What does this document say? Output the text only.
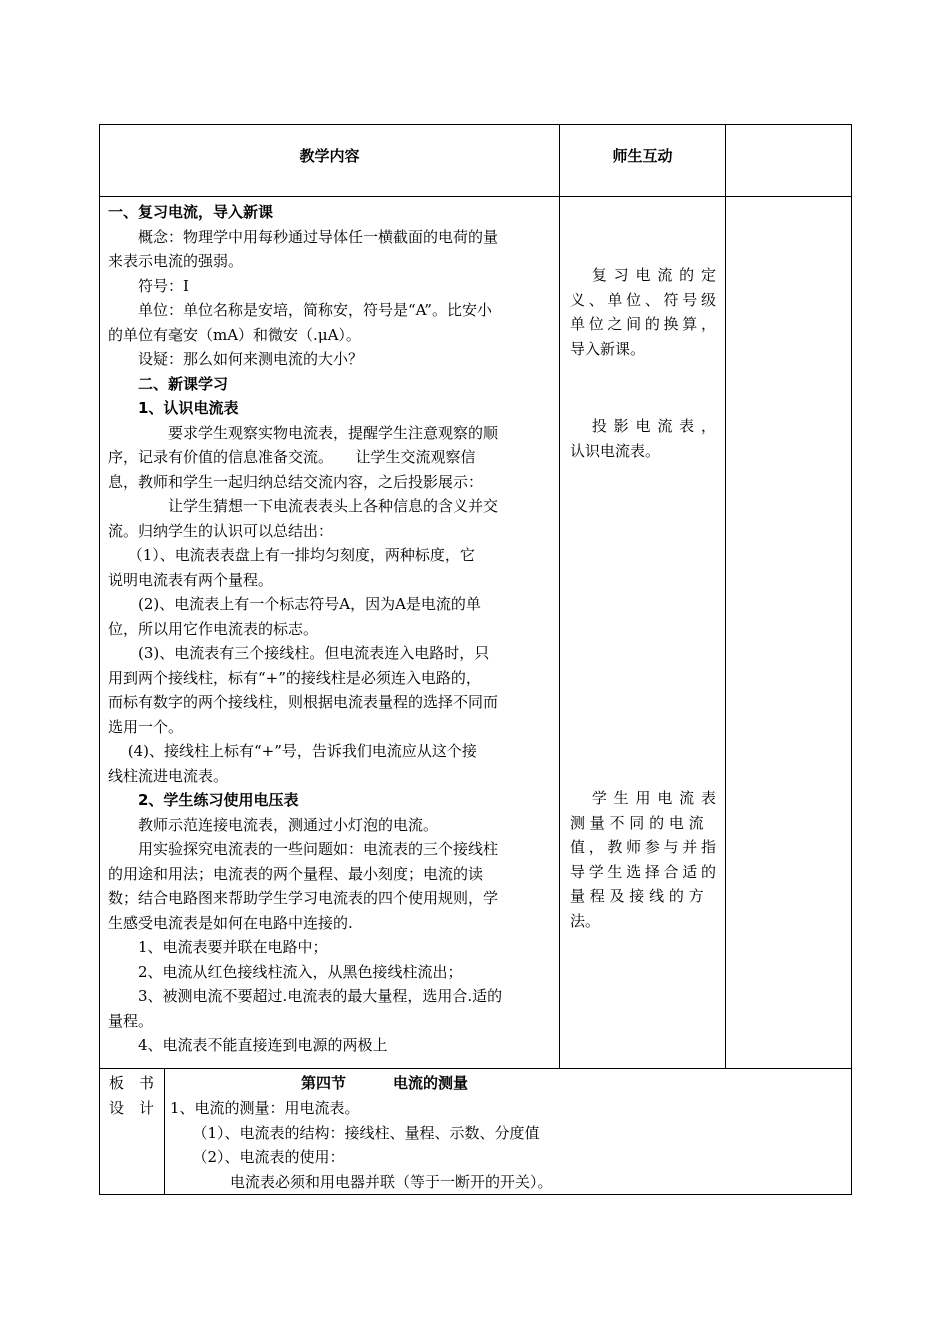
教学内容	师生互动
一、复习电流，导入新课
　　概念：物理学中用每秒通过导体任一横截面的电荷的量
来表示电流的强弱。
　　符号：I
　　单位：单位名称是安培，简称安，符号是“A”。比安小
的单位有毫安（mA）和微安（.μA）。
　　设疑：那么如何来测电流的大小？
　　二、新课学习
　　1、认识电流表
　　　　要求学生观察实物电流表，提醒学生注意观察的顺
序，记录有价值的信息准备交流。　　让学生交流观察信
息，教师和学生一起归纳总结交流内容，之后投影展示：
　　　　让学生猜想一下电流表表头上各种信息的含义并交
流。归纳学生的认识可以总结出：
　 （1）、电流表表盘上有一排均匀刻度，两种标度，它
说明电流表有两个量程。
　　(2)、电流表上有一个标志符号A，因为A是电流的单
位，所以用它作电流表的标志。
　　(3)、电流表有三个接线柱。但电流表连入电路时，只
用到两个接线柱，标有“+”的接线柱是必须连入电路的，
而标有数字的两个接线柱，则根据电流表量程的选择不同而
选用一个。
　 (4)、接线柱上标有“+”号，告诉我们电流应从这个接
线柱流进电流表。
　　2、学生练习使用电压表
　　教师示范连接电流表，测通过小灯泡的电流。
　　用实验探究电流表的一些问题如：电流表的三个接线柱
的用途和用法；电流表的两个量程、最小刻度；电流的读
数；结合电路图来帮助学生学习电流表的四个使用规则，学
生感受电流表是如何在电路中连接的.
　　1、电流表要并联在电路中；
　　2、电流从红色接线柱流入，从黑色接线柱流出；
　　3、被测电流不要超过.电流表的最大量程，选用合.适的
量程。
　　4、电流表不能直接连到电源的两极上
　复习电流的定
义、单位、符号级
单位之间的换算，
导入新课。
　投影电流表，
认识电流表。
　学生用电流表
测 量 不 同 的 电 流
值，教师参与并指
导学生选择合适的
量 程 及 接 线 的 方
法。
板　书
设　计
第四节	电流的测量
1、电流的测量：用电流表。
　　（1）、电流表的结构：接线柱、量程、示数、分度值
　　（2）、电流表的使用：
　　　　电流表必须和用电器并联（等于一断开的开关）。
